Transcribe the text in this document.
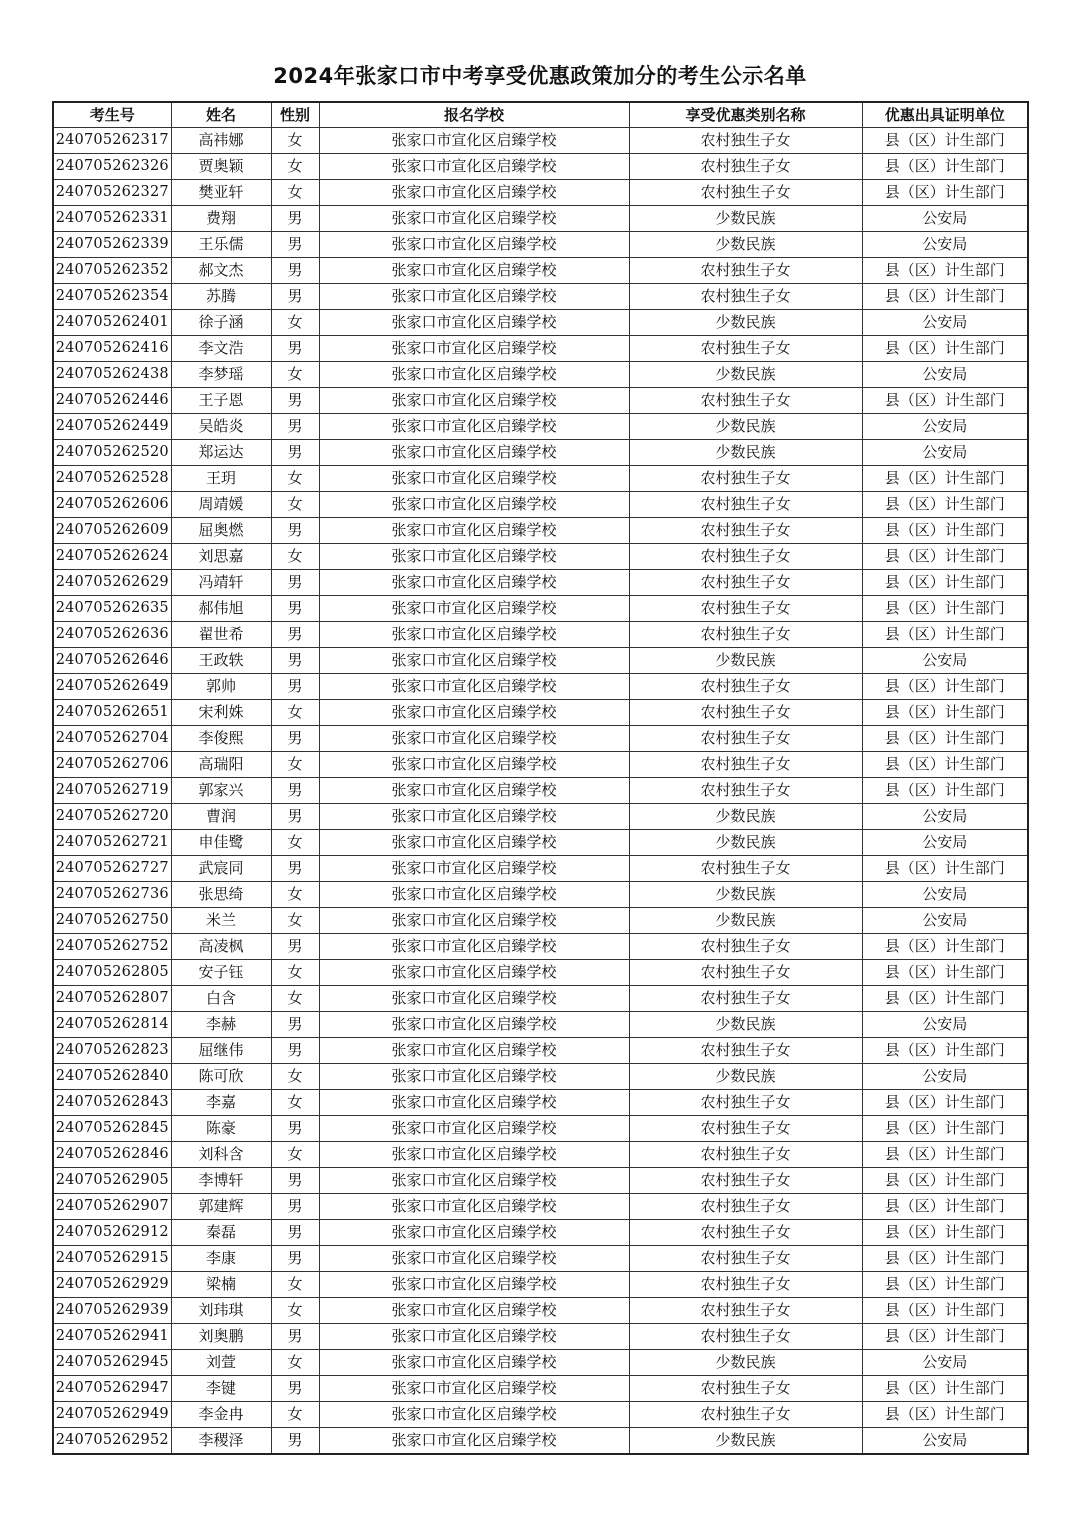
2024年张家口市中考享受优惠政策加分的考生公示名单
考生号	姓名	性别	报名学校	享受优惠类别名称	优惠出具证明单位
240705262317	高祎娜	女	张家口市宣化区启臻学校	农村独生子女	县（区）计生部门
240705262326	贾奥颖	女	张家口市宣化区启臻学校	农村独生子女	县（区）计生部门
240705262327	樊亚轩	女	张家口市宣化区启臻学校	农村独生子女	县（区）计生部门
240705262331	费翔	男	张家口市宣化区启臻学校	少数民族	公安局
240705262339	王乐儒	男	张家口市宣化区启臻学校	少数民族	公安局
240705262352	郝文杰	男	张家口市宣化区启臻学校	农村独生子女	县（区）计生部门
240705262354	苏腾	男	张家口市宣化区启臻学校	农村独生子女	县（区）计生部门
240705262401	徐子涵	女	张家口市宣化区启臻学校	少数民族	公安局
240705262416	李文浩	男	张家口市宣化区启臻学校	农村独生子女	县（区）计生部门
240705262438	李梦瑶	女	张家口市宣化区启臻学校	少数民族	公安局
240705262446	王子恩	男	张家口市宣化区启臻学校	农村独生子女	县（区）计生部门
240705262449	吴皓炎	男	张家口市宣化区启臻学校	少数民族	公安局
240705262520	郑运达	男	张家口市宣化区启臻学校	少数民族	公安局
240705262528	王玥	女	张家口市宣化区启臻学校	农村独生子女	县（区）计生部门
240705262606	周靖媛	女	张家口市宣化区启臻学校	农村独生子女	县（区）计生部门
240705262609	屈奥燃	男	张家口市宣化区启臻学校	农村独生子女	县（区）计生部门
240705262624	刘思嘉	女	张家口市宣化区启臻学校	农村独生子女	县（区）计生部门
240705262629	冯靖轩	男	张家口市宣化区启臻学校	农村独生子女	县（区）计生部门
240705262635	郝伟旭	男	张家口市宣化区启臻学校	农村独生子女	县（区）计生部门
240705262636	翟世希	男	张家口市宣化区启臻学校	农村独生子女	县（区）计生部门
240705262646	王政轶	男	张家口市宣化区启臻学校	少数民族	公安局
240705262649	郭帅	男	张家口市宣化区启臻学校	农村独生子女	县（区）计生部门
240705262651	宋利姝	女	张家口市宣化区启臻学校	农村独生子女	县（区）计生部门
240705262704	李俊熙	男	张家口市宣化区启臻学校	农村独生子女	县（区）计生部门
240705262706	高瑞阳	女	张家口市宣化区启臻学校	农村独生子女	县（区）计生部门
240705262719	郭家兴	男	张家口市宣化区启臻学校	农村独生子女	县（区）计生部门
240705262720	曹润	男	张家口市宣化区启臻学校	少数民族	公安局
240705262721	申佳鹭	女	张家口市宣化区启臻学校	少数民族	公安局
240705262727	武宸同	男	张家口市宣化区启臻学校	农村独生子女	县（区）计生部门
240705262736	张思绮	女	张家口市宣化区启臻学校	少数民族	公安局
240705262750	米兰	女	张家口市宣化区启臻学校	少数民族	公安局
240705262752	高凌枫	男	张家口市宣化区启臻学校	农村独生子女	县（区）计生部门
240705262805	安子钰	女	张家口市宣化区启臻学校	农村独生子女	县（区）计生部门
240705262807	白含	女	张家口市宣化区启臻学校	农村独生子女	县（区）计生部门
240705262814	李赫	男	张家口市宣化区启臻学校	少数民族	公安局
240705262823	屈继伟	男	张家口市宣化区启臻学校	农村独生子女	县（区）计生部门
240705262840	陈可欣	女	张家口市宣化区启臻学校	少数民族	公安局
240705262843	李嘉	女	张家口市宣化区启臻学校	农村独生子女	县（区）计生部门
240705262845	陈豪	男	张家口市宣化区启臻学校	农村独生子女	县（区）计生部门
240705262846	刘科含	女	张家口市宣化区启臻学校	农村独生子女	县（区）计生部门
240705262905	李博轩	男	张家口市宣化区启臻学校	农村独生子女	县（区）计生部门
240705262907	郭建辉	男	张家口市宣化区启臻学校	农村独生子女	县（区）计生部门
240705262912	秦磊	男	张家口市宣化区启臻学校	农村独生子女	县（区）计生部门
240705262915	李康	男	张家口市宣化区启臻学校	农村独生子女	县（区）计生部门
240705262929	梁楠	女	张家口市宣化区启臻学校	农村独生子女	县（区）计生部门
240705262939	刘玮琪	女	张家口市宣化区启臻学校	农村独生子女	县（区）计生部门
240705262941	刘奥鹏	男	张家口市宣化区启臻学校	农村独生子女	县（区）计生部门
240705262945	刘萱	女	张家口市宣化区启臻学校	少数民族	公安局
240705262947	李键	男	张家口市宣化区启臻学校	农村独生子女	县（区）计生部门
240705262949	李金冉	女	张家口市宣化区启臻学校	农村独生子女	县（区）计生部门
240705262952	李稷泽	男	张家口市宣化区启臻学校	少数民族	公安局
